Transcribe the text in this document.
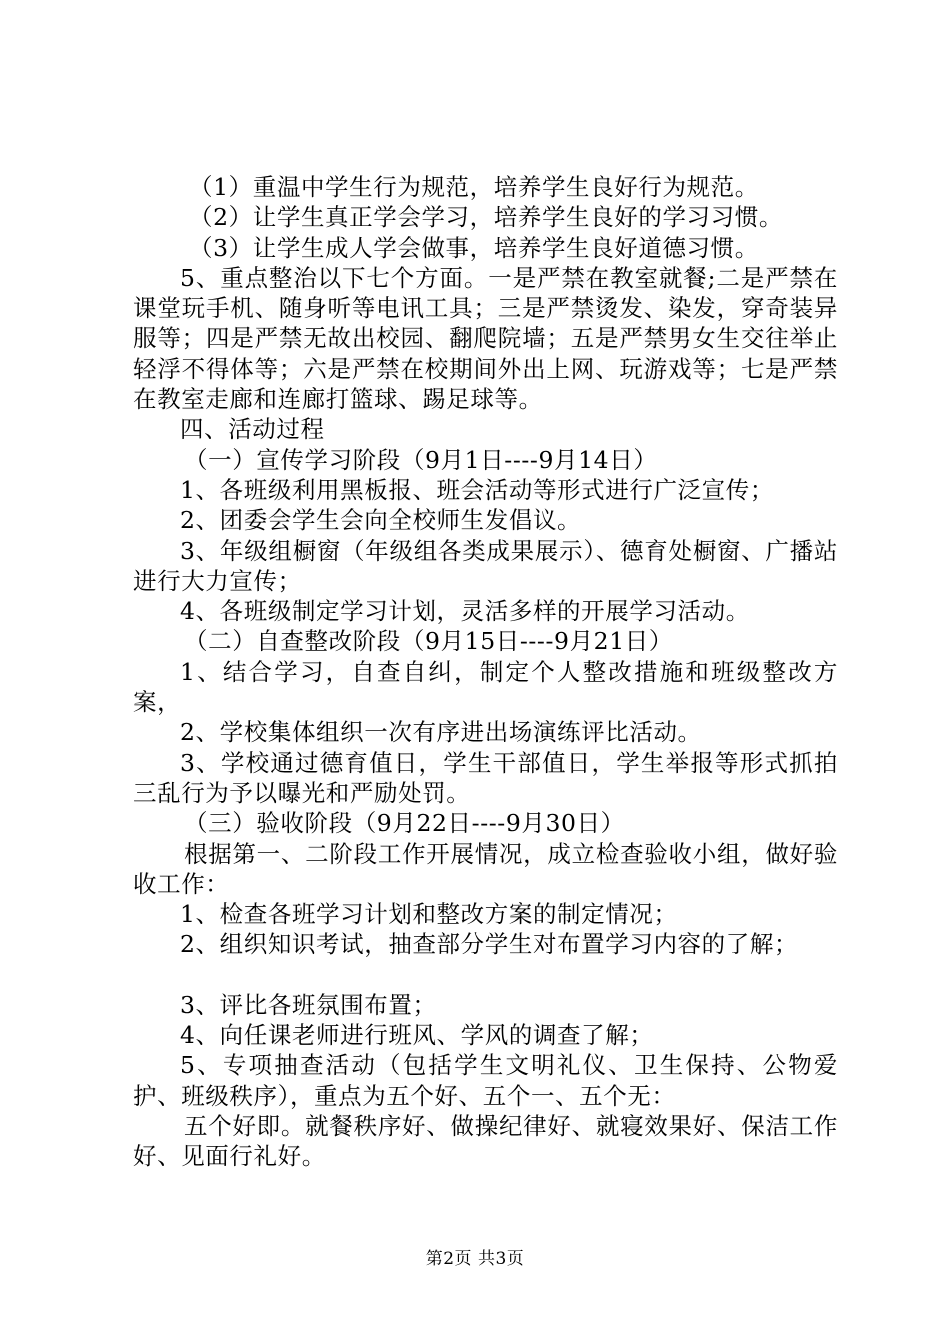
（1）重温中学生行为规范，培养学生良好行为规范。

（2）让学生真正学会学习，培养学生良好的学习习惯。

（3）让学生成人学会做事，培养学生良好道德习惯。

5、重点整治以下七个方面。一是严禁在教室就餐;二是严禁在课堂玩手机、随身听等电讯工具；三是严禁烫发、染发，穿奇装异服等；四是严禁无故出校园、翻爬院墙；五是严禁男女生交往举止轻浮不得体等；六是严禁在校期间外出上网、玩游戏等；七是严禁在教室走廊和连廊打篮球、踢足球等。

四、活动过程

（一）宣传学习阶段（9月1日----9月14日）

1、各班级利用黑板报、班会活动等形式进行广泛宣传；

2、团委会学生会向全校师生发倡议。

3、年级组橱窗（年级组各类成果展示）、德育处橱窗、广播站进行大力宣传；

4、各班级制定学习计划，灵活多样的开展学习活动。

（二）自查整改阶段（9月15日----9月21日）

1、结合学习，自查自纠，制定个人整改措施和班级整改方案，

2、学校集体组织一次有序进出场演练评比活动。

3、学校通过德育值日，学生干部值日，学生举报等形式抓拍三乱行为予以曝光和严励处罚。

（三）验收阶段（9月22日----9月30日）

根据第一、二阶段工作开展情况，成立检查验收小组，做好验收工作：

1、检查各班学习计划和整改方案的制定情况；

2、组织知识考试，抽查部分学生对布置学习内容的了解；

3、评比各班氛围布置；

4、向任课老师进行班风、学风的调查了解；

5、专项抽查活动（包括学生文明礼仪、卫生保持、公物爱护、班级秩序），重点为五个好、五个一、五个无：

五个好即。就餐秩序好、做操纪律好、就寝效果好、保洁工作好、见面行礼好。

第2页 共3页
